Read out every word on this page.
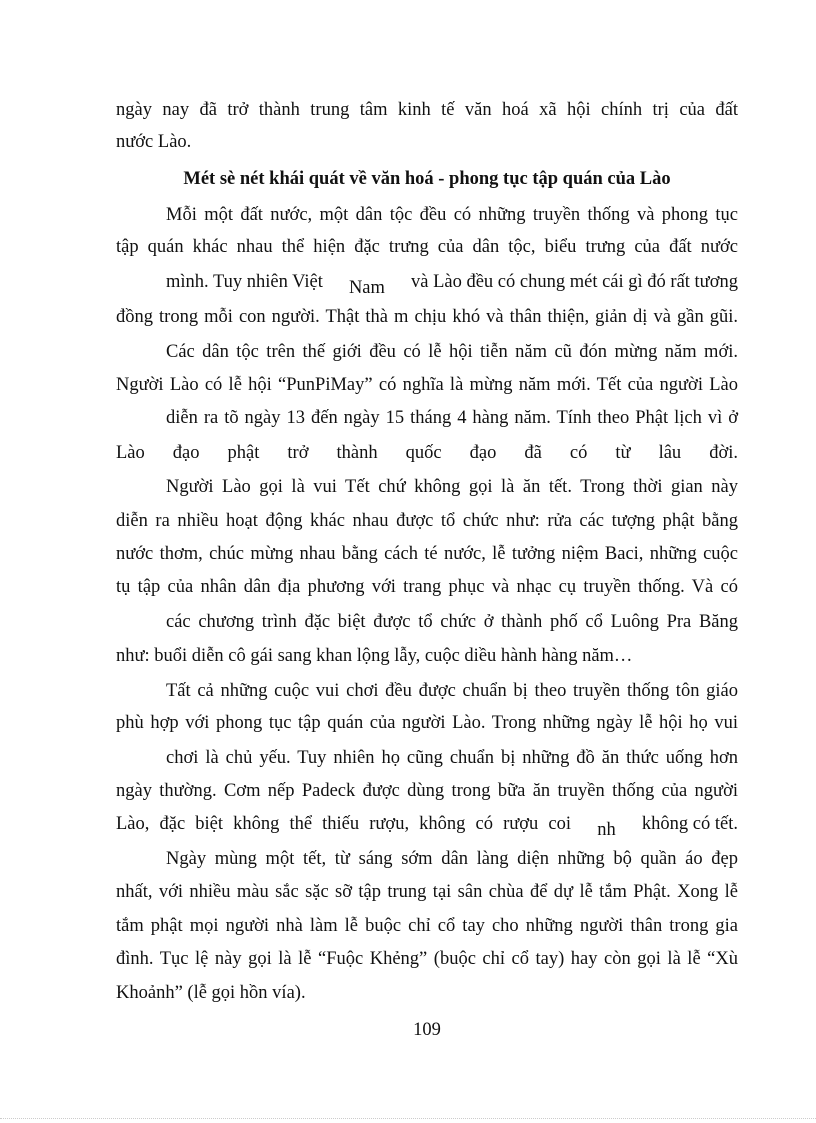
ngày nay đã trở thành trung tâm kinh tế văn hoá xã hội chính trị của đất
nước Lào.
Mét sè nét khái quát về văn hoá - phong tục tập quán của Lào
Mỗi một đất nước, một dân tộc đều có những truyền thống và phong tục
tập quán khác nhau thể hiện đặc trưng của dân tộc, biểu trưng của đất nước
mình. Tuy nhiên Việt Nam và Lào đều có chung mét cái gì đó rất tương
đồng trong mỗi con người. Thật thà m chịu khó và thân thiện, giản dị và gần gũi.
Các dân tộc trên thế giới đều có lễ hội tiễn năm cũ đón mừng năm mới.
Người Lào có lễ hội “PunPiMay” có nghĩa là mừng năm mới. Tết của người Lào
diễn ra tõ ngày 13 đến ngày 15 tháng 4 hàng năm. Tính theo Phật lịch vì ở
Lào đạo phật trở thành quốc đạo đã có từ lâu đời.
Người Lào gọi là vui Tết chứ không gọi là ăn tết. Trong thời gian này
diễn ra nhiều hoạt động khác nhau được tổ chức như: rửa các tượng phật bằng
nước thơm, chúc mừng nhau bằng cách té nước, lễ tưởng niệm Baci, những cuộc
tụ tập của nhân dân địa phương với trang phục và nhạc cụ truyền thống. Và có
các chương trình đặc biệt được tổ chức ở thành phố cổ Luông Pra Băng
như: buổi diễn cô gái sang khan lộng lẫy, cuộc diều hành hàng năm…
Tất cả những cuộc vui chơi đều được chuẩn bị theo truyền thống tôn giáo
phù hợp với phong tục tập quán của người Lào. Trong những ngày lễ hội họ vui
chơi là chủ yếu. Tuy nhiên họ cũng chuẩn bị những đồ ăn thức uống hơn
ngày thường. Cơm nếp Padeck được dùng trong bữa ăn truyền thống của người
Lào, đặc biệt không thể thiếu rượu, không có rượu coi nh không có tết.
Ngày mùng một tết, từ sáng sớm dân làng diện những bộ quần áo đẹp
nhất, với nhiều màu sắc sặc sỡ tập trung tại sân chùa để dự lễ tắm Phật. Xong lễ
tắm phật mọi người nhà làm lễ buộc chỉ cổ tay cho những người thân trong gia
đình. Tục lệ này gọi là lễ “Fuộc Khẻng” (buộc chỉ cổ tay) hay còn gọi là lễ “Xù
Khoảnh” (lễ gọi hồn vía).
109
